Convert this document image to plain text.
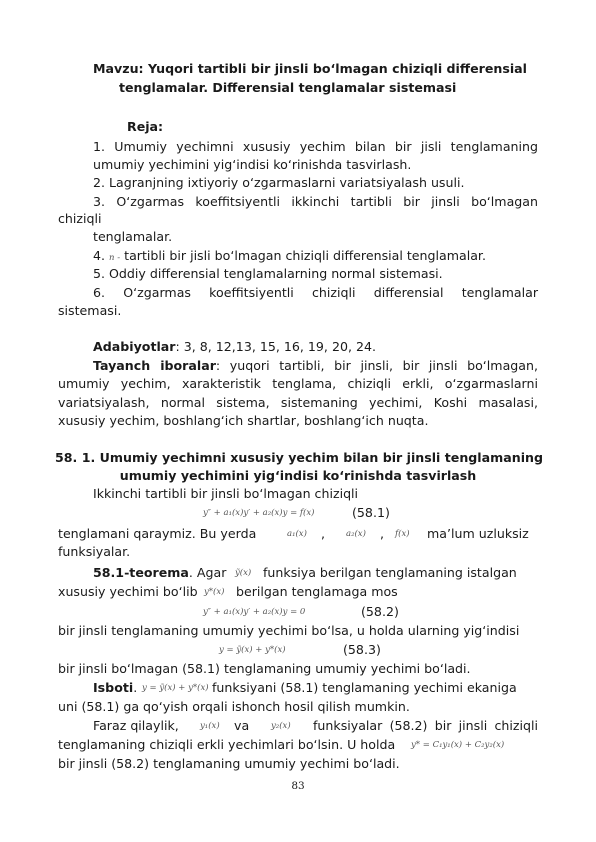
Mavzu: Yuqori tartibli bir jinsli bo‘lmagan chiziqli differensial
tenglamalar. Differensial tenglamalar sistemasi
Reja:
1. Umumiy yechimni xususiy yechim bilan bir jisli tenglamaning
umumiy yechimini yig‘indisi ko‘rinishda tasvirlash.
2. Lagranjning ixtiyoriy o‘zgarmaslarni variatsiyalash usuli.
3. O‘zgarmas koeffitsiyentli ikkinchi tartibli bir jinsli bo‘lmagan
chiziqli
tenglamalar.
4. n - tartibli bir jisli bo‘lmagan chiziqli differensial tenglamalar.
5. Oddiy differensial tenglamalarning normal sistemasi.
6. O‘zgarmas koeffitsiyentli chiziqli differensial tenglamalar
sistemasi.
Adabiyotlar: 3, 8, 12,13, 15, 16, 19, 20, 24.
Tayanch iboralar: yuqori tartibli, bir jinsli, bir jinsli bo‘lmagan,
umumiy yechim, xarakteristik tenglama, chiziqli erkli, o‘zgarmaslarni
variatsiyalash, normal sistema, sistemaning yechimi, Koshi masalasi,
xususiy yechim, boshlang‘ich shartlar, boshlang‘ich nuqta.
58. 1. Umumiy yechimni xususiy yechim bilan bir jinsli tenglamaning
umumiy yechimini yig‘indisi ko‘rinishda tasvirlash
Ikkinchi tartibli bir jinsli bo‘lmagan chiziqli
y″ + a₁(x)y′ + a₂(x)y = f(x)	(58.1)
tenglamani qaraymiz. Bu yerda	a₁(x) , a₂(x) , f(x) ma’lum uzluksiz
funksiyalar.
58.1-teorema. Agar ỹ(x) funksiya berilgan tenglamaning istalgan
xususiy yechimi bo‘lib y*(x) berilgan tenglamaga mos
y″ + a₁(x)y′ + a₂(x)y = 0	(58.2)
bir jinsli tenglamaning umumiy yechimi bo‘lsa, u holda ularning yig‘indisi
y = ỹ(x) + y*(x)	(58.3)
bir jinsli bo‘lmagan (58.1) tenglamaning umumiy yechimi bo‘ladi.
Isboti. y = ỹ(x) + y*(x) funksiyani (58.1) tenglamaning yechimi ekaniga
uni (58.1) ga qo‘yish orqali ishonch hosil qilish mumkin.
Faraz qilaylik, y₁(x) va	y₂(x) funksiyalar (58.2) bir jinsli chiziqli
tenglamaning chiziqli erkli yechimlari bo‘lsin. U holda y* = C₁y₁(x) + C₂y₂(x)
bir jinsli (58.2) tenglamaning umumiy yechimi bo‘ladi.
83
